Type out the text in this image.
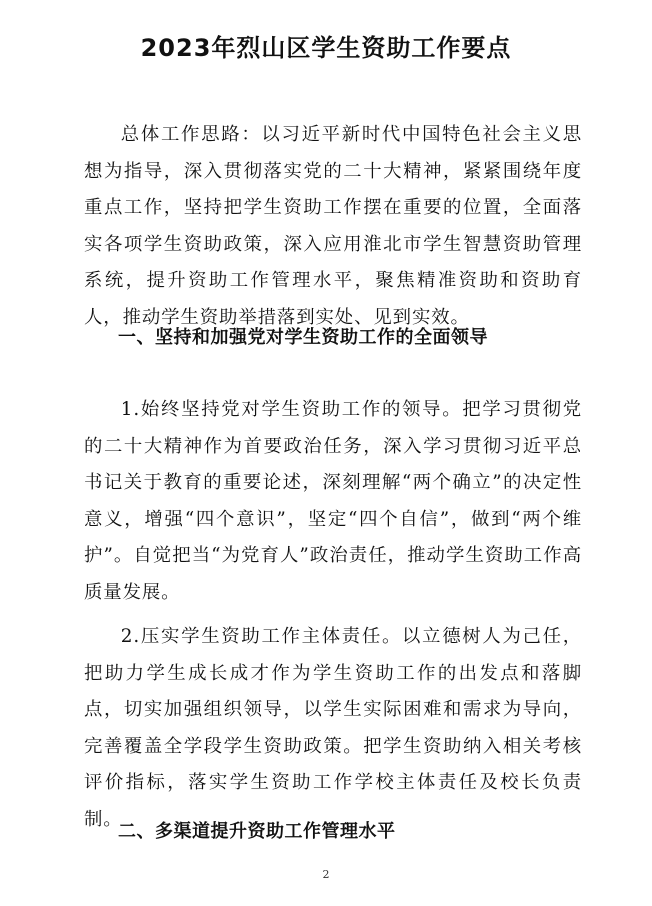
2023年烈山区学生资助工作要点

总体工作思路：以习近平新时代中国特色社会主义思想为指导，深入贯彻落实党的二十大精神，紧紧围绕年度重点工作，坚持把学生资助工作摆在重要的位置，全面落实各项学生资助政策，深入应用淮北市学生智慧资助管理系统，提升资助工作管理水平，聚焦精准资助和资助育人，推动学生资助举措落到实处、见到实效。

一、坚持和加强党对学生资助工作的全面领导

1.始终坚持党对学生资助工作的领导。把学习贯彻党的二十大精神作为首要政治任务，深入学习贯彻习近平总书记关于教育的重要论述，深刻理解“两个确立”的决定性意义，增强“四个意识”，坚定“四个自信”，做到“两个维护”。自觉把当“为党育人”政治责任，推动学生资助工作高质量发展。

2.压实学生资助工作主体责任。以立德树人为己任，把助力学生成长成才作为学生资助工作的出发点和落脚点，切实加强组织领导，以学生实际困难和需求为导向，完善覆盖全学段学生资助政策。把学生资助纳入相关考核评价指标，落实学生资助工作学校主体责任及校长负责制。

二、多渠道提升资助工作管理水平
2
